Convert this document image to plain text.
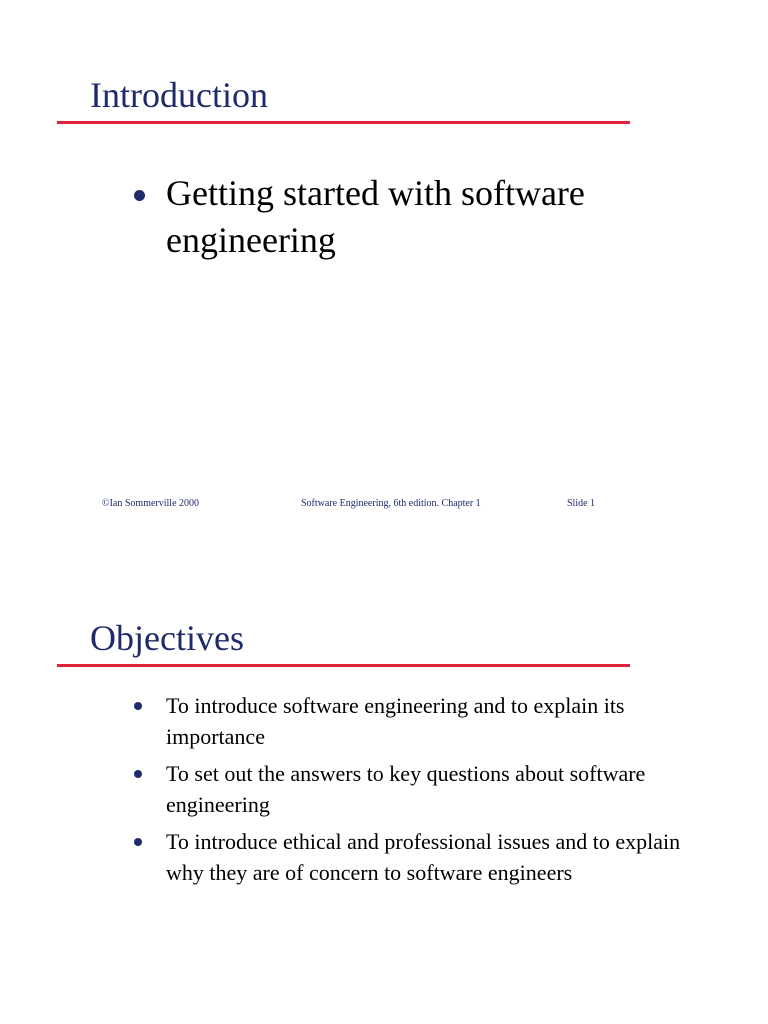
Introduction
Getting started with software engineering
©Ian Sommerville 2000	Software Engineering, 6th edition. Chapter 1	Slide 1
Objectives
To introduce software engineering and to explain its importance
To set out the answers to key questions about software engineering
To introduce ethical and professional issues and to explain why they are of concern to software engineers
